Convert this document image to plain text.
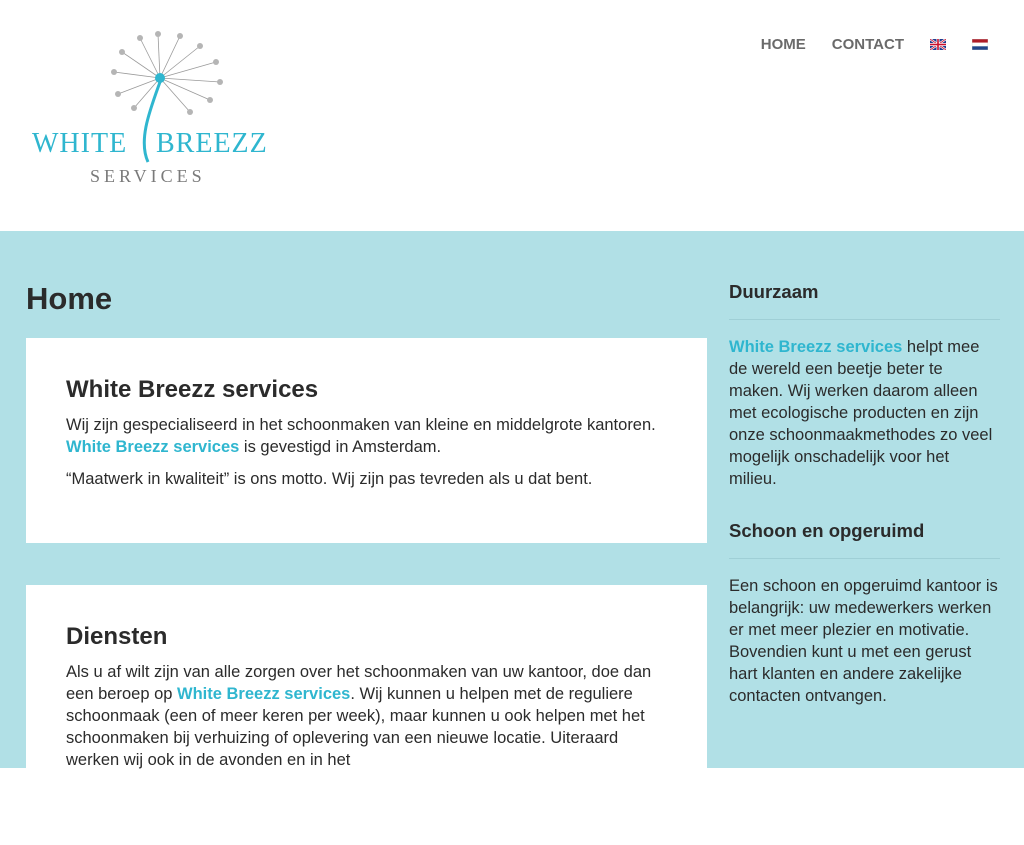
WHITE BREEZZ
SERVICES
HOME CONTACT
Home
White Breezz services

Wij zijn gespecialiseerd in het schoonmaken van kleine en middelgrote kantoren. White Breezz services is gevestigd in Amsterdam.

“Maatwerk in kwaliteit” is ons motto. Wij zijn pas tevreden als u dat bent.

Diensten

Als u af wilt zijn van alle zorgen over het schoonmaken van uw kantoor, doe dan een beroep op White Breezz services. Wij kunnen u helpen met de reguliere schoonmaak (een of meer keren per week), maar kunnen u ook helpen met het schoonmaken bij verhuizing of oplevering van een nieuwe locatie. Uiteraard werken wij ook in de avonden en in het

Duurzaam

White Breezz services helpt mee de wereld een beetje beter te maken. Wij werken daarom alleen met ecologische producten en zijn onze schoonmaakmethodes zo veel mogelijk onschadelijk voor het milieu.

Schoon en opgeruimd

Een schoon en opgeruimd kantoor is belangrijk: uw medewerkers werken er met meer plezier en motivatie. Bovendien kunt u met een gerust hart klanten en andere zakelijke contacten ontvangen.
